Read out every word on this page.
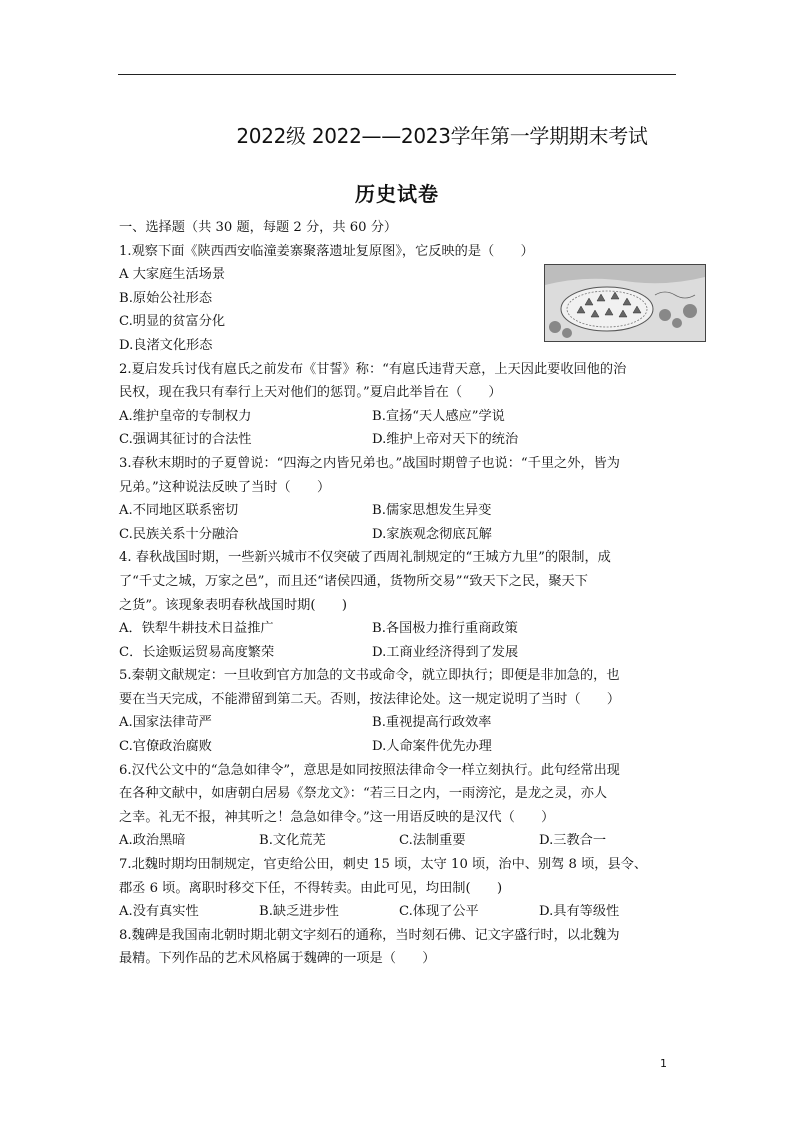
2022级 2022——2023学年第一学期期末考试
历史试卷
一、选择题（共 30 题，每题 2 分，共 60 分）
1.观察下面《陕西西安临潼姜寨聚落遗址复原图》，它反映的是（　　）
A 大家庭生活场景
B.原始公社形态
C.明显的贫富分化
D.良渚文化形态
2.夏启发兵讨伐有扈氏之前发布《甘誓》称：“有扈氏违背天意，上天因此要收回他的治
民权，现在我只有奉行上天对他们的惩罚。”夏启此举旨在（　　）
A.维护皇帝的专制权力	B.宣扬“天人感应”学说
C.强调其征讨的合法性	D.维护上帝对天下的统治
3.春秋末期时的子夏曾说：“四海之内皆兄弟也。”战国时期曾子也说：“千里之外，皆为
兄弟。”这种说法反映了当时（　　）
A.不同地区联系密切	B.儒家思想发生异变
C.民族关系十分融洽	D.家族观念彻底瓦解
4. 春秋战国时期，一些新兴城市不仅突破了西周礼制规定的“王城方九里”的限制，成
了“千丈之城，万家之邑”，而且还“诸侯四通，货物所交易”“致天下之民，聚天下
之货”。该现象表明春秋战国时期(　　)
A．铁犁牛耕技术日益推广	B.各国极力推行重商政策
C．长途贩运贸易高度繁荣	D.工商业经济得到了发展
5.秦朝文献规定：一旦收到官方加急的文书或命令，就立即执行；即便是非加急的，也
要在当天完成，不能滞留到第二天。否则，按法律论处。这一规定说明了当时（　　）
A.国家法律苛严	B.重视提高行政效率
C.官僚政治腐败	D.人命案件优先办理
6.汉代公文中的“急急如律令”，意思是如同按照法律命令一样立刻执行。此句经常出现
在各种文献中，如唐朝白居易《祭龙文》：“若三日之内，一雨滂沱，是龙之灵，亦人
之幸。礼无不报，神其听之！急急如律令。”这一用语反映的是汉代（　　）
A.政治黑暗	B.文化荒芜	C.法制重要	D.三教合一
7.北魏时期均田制规定，官吏给公田，刺史 15 顷，太守 10 顷，治中、别驾 8 顷，县令、
郡丞 6 顷。离职时移交下任，不得转卖。由此可见，均田制(　　)
A.没有真实性	B.缺乏进步性	C.体现了公平	D.具有等级性
8.魏碑是我国南北朝时期北朝文字刻石的通称，当时刻石佛、记文字盛行时，以北魏为
最精。下列作品的艺术风格属于魏碑的一项是（　　）
1
